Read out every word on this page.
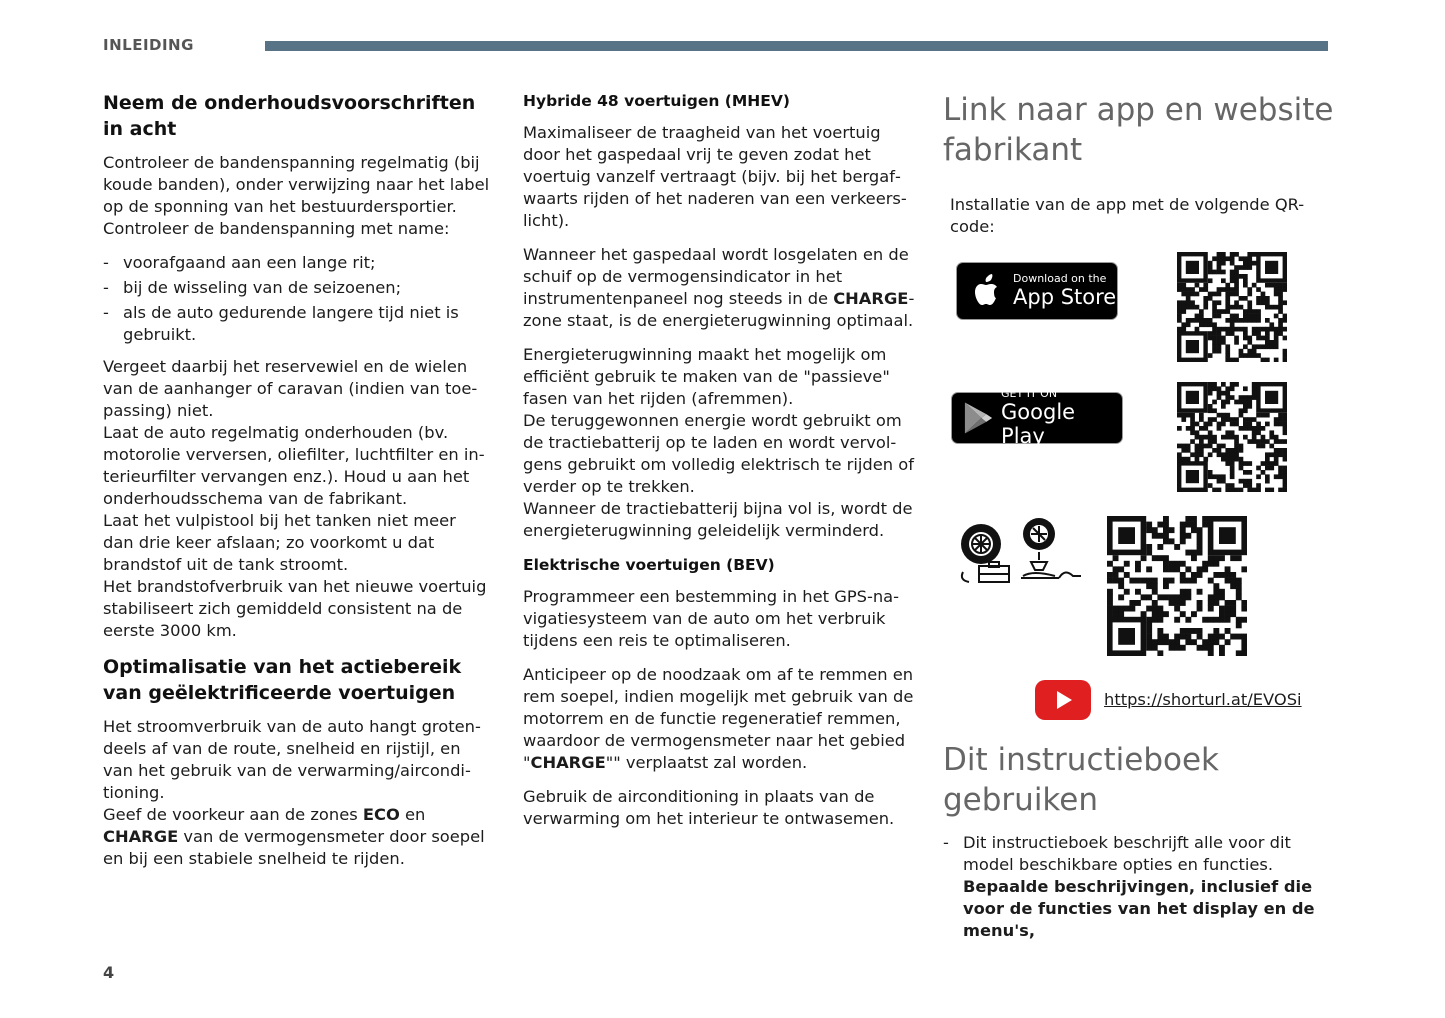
INLEIDING
Neem de onderhoudsvoorschriften in acht

Controleer de bandenspanning regelmatig (bij koude banden), onder verwijzing naar het label op de sponning van het bestuurdersportier. Controleer de bandenspanning met name:

- voorafgaand aan een lange rit;
- bij de wisseling van de seizoenen;
- als de auto gedurende langere tijd niet is gebruikt.

Vergeet daarbij het reservewiel en de wielen van de aanhanger of caravan (indien van toepassing) niet.
Laat de auto regelmatig onderhouden (bv. motorolie verversen, oliefilter, luchtfilter en interieurfilter vervangen enz.). Houd u aan het onderhoudsschema van de fabrikant.
Laat het vulpistool bij het tanken niet meer dan drie keer afslaan; zo voorkomt u dat brandstof uit de tank stroomt.
Het brandstofverbruik van het nieuwe voertuig stabiliseert zich gemiddeld consistent na de eerste 3000 km.

Optimalisatie van het actiebereik van geëlektrificeerde voertuigen

Het stroomverbruik van de auto hangt grotendeels af van de route, snelheid en rijstijl, en van het gebruik van de verwarming/airconditioning.
Geef de voorkeur aan de zones ECO en CHARGE van de vermogensmeter door soepel en bij een stabiele snelheid te rijden.

Hybride 48 voertuigen (MHEV)

Maximaliseer de traagheid van het voertuig door het gaspedaal vrij te geven zodat het voertuig vanzelf vertraagt (bijv. bij het bergafwaarts rijden of het naderen van een verkeerslicht).

Wanneer het gaspedaal wordt losgelaten en de schuif op de vermogensindicator in het instrumentenpaneel nog steeds in de CHARGE-zone staat, is de energieterugwinning optimaal.

Energieterugwinning maakt het mogelijk om efficiënt gebruik te maken van de "passieve" fasen van het rijden (afremmen).
De teruggewonnen energie wordt gebruikt om de tractiebatterij op te laden en wordt vervolgens gebruikt om volledig elektrisch te rijden of verder op te trekken.
Wanneer de tractiebatterij bijna vol is, wordt de energieterugwinning geleidelijk verminderd.

Elektrische voertuigen (BEV)

Programmeer een bestemming in het GPS-navigatiesysteem van de auto om het verbruik tijdens een reis te optimaliseren.

Anticipeer op de noodzaak om af te remmen en rem soepel, indien mogelijk met gebruik van de motorrem en de functie regeneratief remmen, waardoor de vermogensmeter naar het gebied "CHARGE"" verplaatst zal worden.

Gebruik de airconditioning in plaats van de verwarming om het interieur te ontwasemen.

Link naar app en website fabrikant

Installatie van de app met de volgende QR-code:

Download on the
App Store
GET IT ON
Google Play
https://shorturl.at/EVOSi
Dit instructieboek gebruiken
- Dit instructieboek beschrijft alle voor dit model beschikbare opties en functies. Bepaalde beschrijvingen, inclusief die voor de functies van het display en de menu's,
4
